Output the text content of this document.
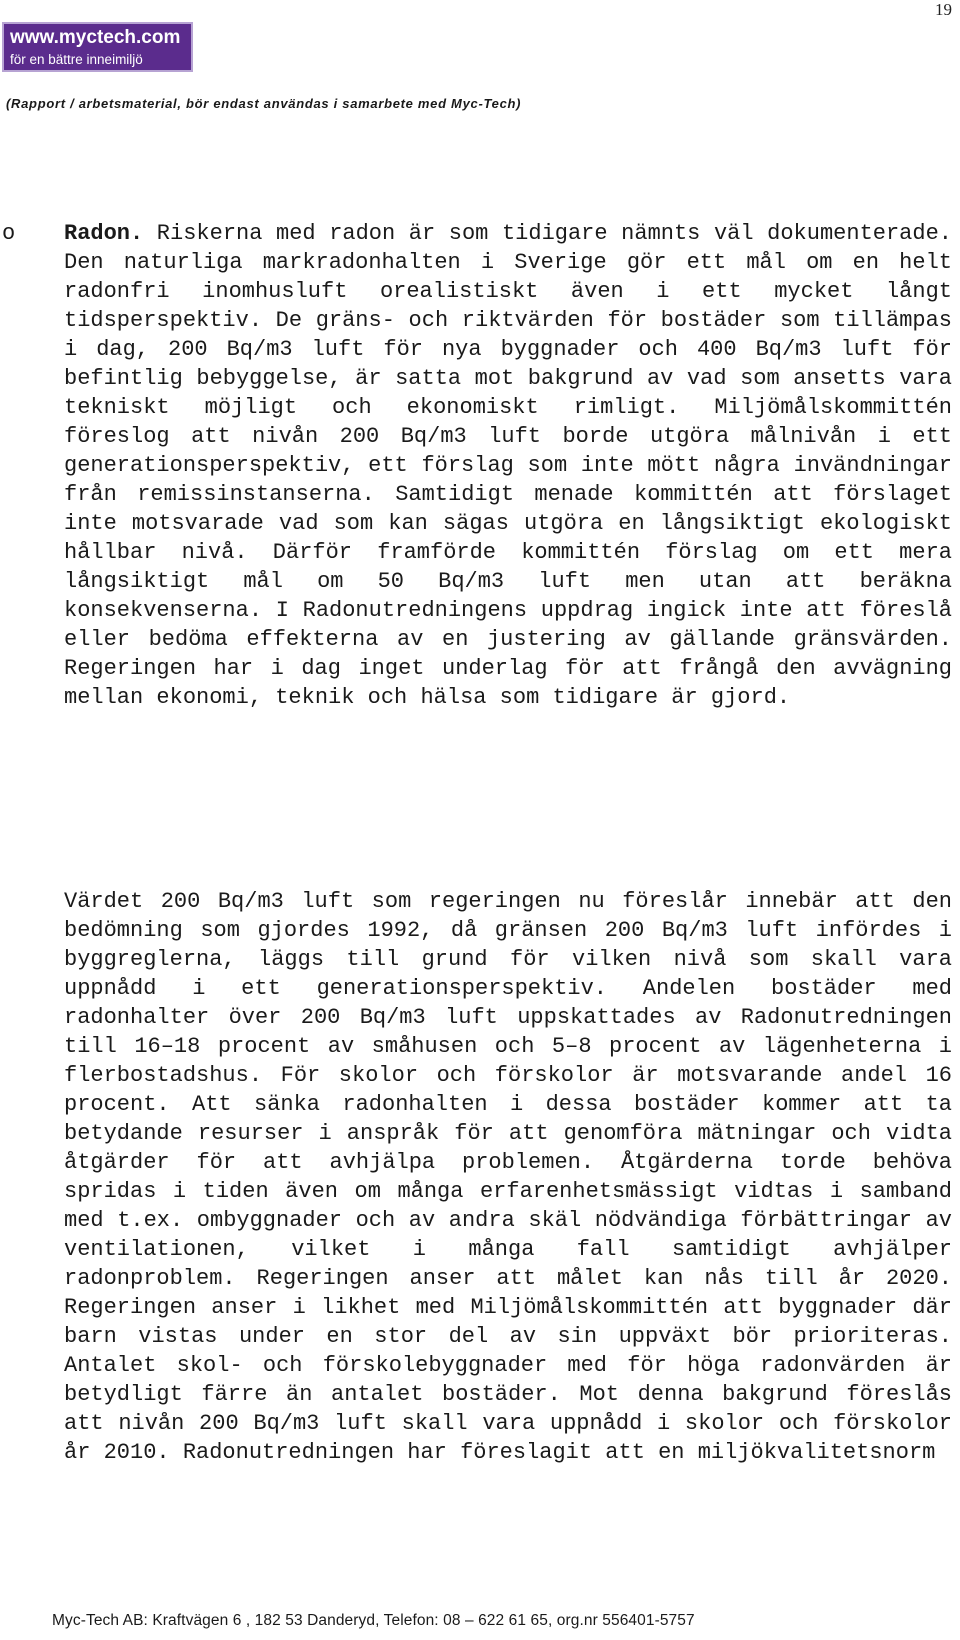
19
www.myctech.com
för en bättre inneimiljö
(Rapport / arbetsmaterial, bör endast användas i samarbete med Myc-Tech)
o Radon. Riskerna med radon är som tidigare nämnts väl dokumenterade. Den naturliga markradonhalten i Sverige gör ett mål om en helt radonfri inomhusluft orealistiskt även i ett mycket långt tidsperspektiv. De gräns- och riktvärden för bostäder som tillämpas i dag, 200 Bq/m3 luft för nya byggnader och 400 Bq/m3 luft för befintlig bebyggelse, är satta mot bakgrund av vad som ansetts vara tekniskt möjligt och ekonomiskt rimligt. Miljömålskommittén föreslog att nivån 200 Bq/m3 luft borde utgöra målnivån i ett generationsperspektiv, ett förslag som inte mött några invändningar från remissinstanserna. Samtidigt menade kommittén att förslaget inte motsvarade vad som kan sägas utgöra en långsiktigt ekologiskt hållbar nivå. Därför framförde kommittén förslag om ett mera långsiktigt mål om 50 Bq/m3 luft men utan att beräkna konsekvenserna. I Radonutredningens uppdrag ingick inte att föreslå eller bedöma effekterna av en justering av gällande gränsvärden. Regeringen har i dag inget underlag för att frångå den avvägning mellan ekonomi, teknik och hälsa som tidigare är gjord.

Värdet 200 Bq/m3 luft som regeringen nu föreslår innebär att den bedömning som gjordes 1992, då gränsen 200 Bq/m3 luft infördes i byggreglerna, läggs till grund för vilken nivå som skall vara uppnådd i ett generationsperspektiv. Andelen bostäder med radonhalter över 200 Bq/m3 luft uppskattades av Radonutredningen till 16–18 procent av småhusen och 5–8 procent av lägenheterna i flerbostadshus. För skolor och förskolor är motsvarande andel 16 procent. Att sänka radonhalten i dessa bostäder kommer att ta betydande resurser i anspråk för att genomföra mätningar och vidta åtgärder för att avhjälpa problemen. Åtgärderna torde behöva spridas i tiden även om många erfarenhetsmässigt vidtas i samband med t.ex. ombyggnader och av andra skäl nödvändiga förbättringar av ventilationen, vilket i många fall samtidigt avhjälper radonproblem. Regeringen anser att målet kan nås till år 2020. Regeringen anser i likhet med Miljömålskommittén att byggnader där barn vistas under en stor del av sin uppväxt bör prioriteras. Antalet skol- och förskolebyggnader med för höga radonvärden är betydligt färre än antalet bostäder. Mot denna bakgrund föreslås att nivån 200 Bq/m3 luft skall vara uppnådd i skolor och förskolor år 2010. Radonutredningen har föreslagit att en miljökvalitetsnorm

Myc-Tech AB: Kraftvägen 6 , 182 53 Danderyd, Telefon: 08 – 622 61 65, org.nr 556401-5757
